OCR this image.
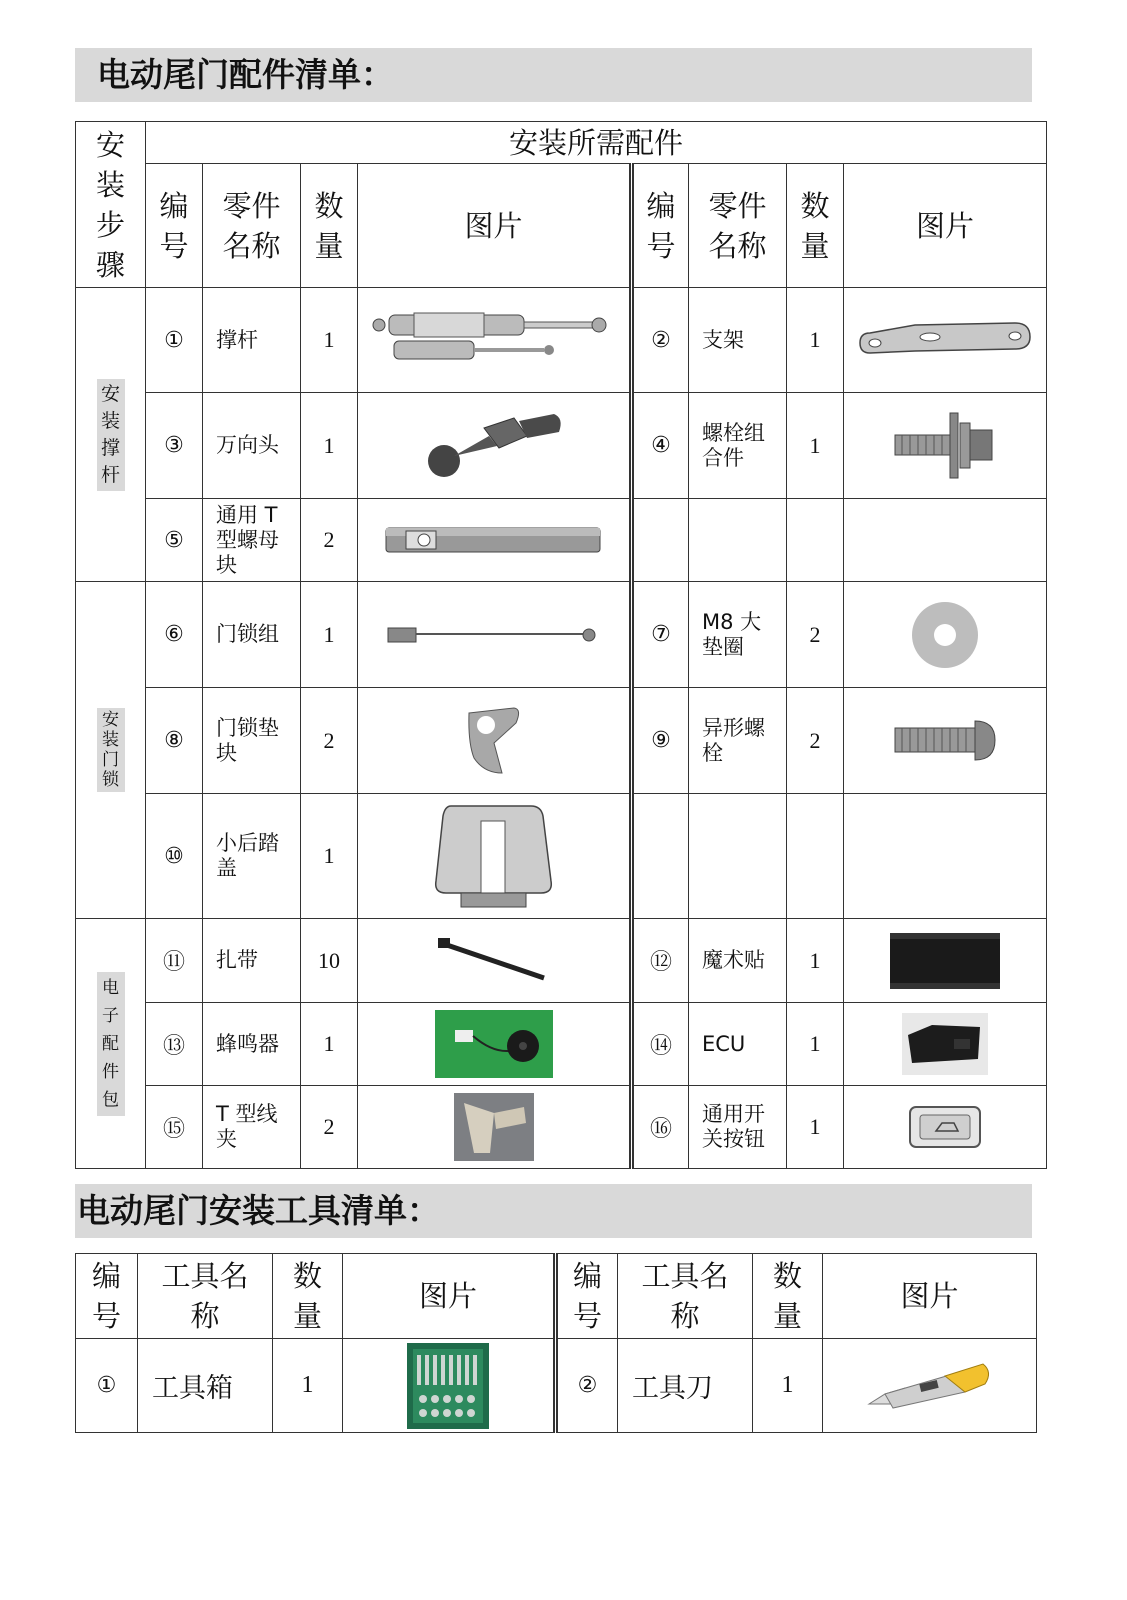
电动尾门配件清单：
安装步骤	安装所需配件							
	编号	零件名称	数量	图片	编号	零件名称	数量	图片
安装撑杆	①	撑杆	1		②	支架	1	

	③	万向头	1		④	螺栓组合件	1	

	⑤	通用 T 型螺母块	2	

安装门锁	⑥	门锁组	1		⑦	M8 大垫圈	2	

	⑧	门锁垫块	2		⑨	异形螺栓	2	

	⑩	小后踏盖	1	

电子配件包	⑪	扎带	10		⑫	魔术贴	1	

	⑬	蜂鸣器	1		⑭	ECU	1	

	⑮	T 型线夹	2		⑯	通用开关按钮	1	
电动尾门安装工具清单：
编号	工具名称	数量	图片	编号	工具名称	数量	图片
①	工具箱	1		②	工具刀	1	
